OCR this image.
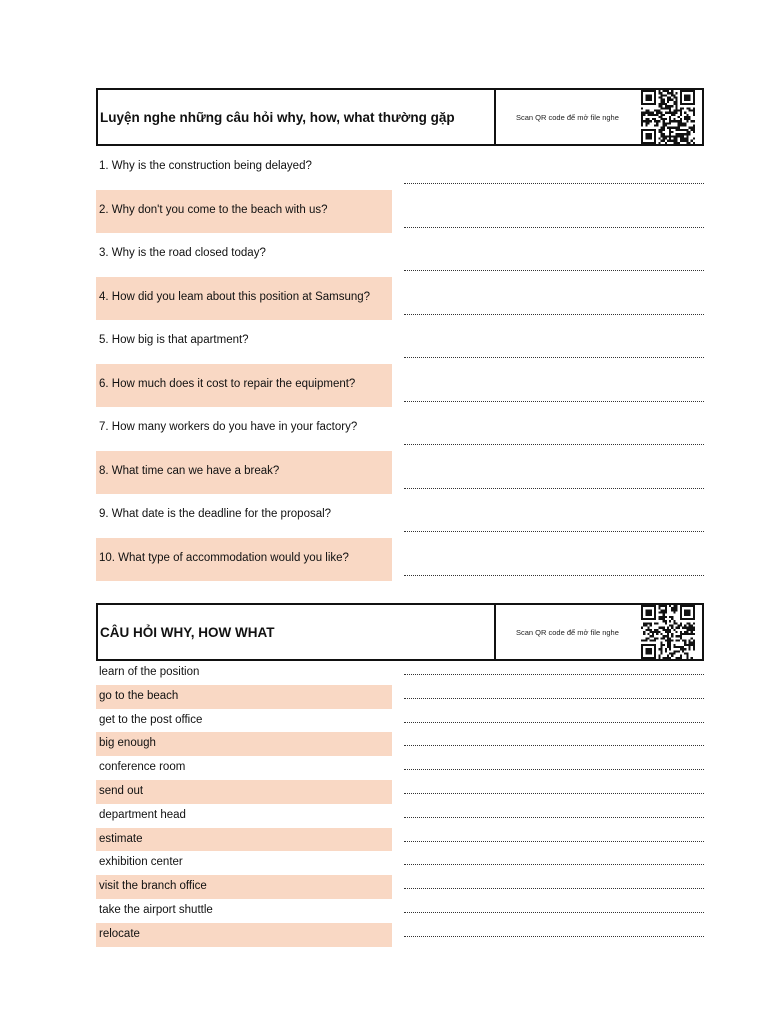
Luyện nghe những câu hỏi why, how, what thường gặp	Scan QR code để mở file nghe
1. Why is the construction being delayed?
2. Why don't you come to the beach with us?
3. Why is the road closed today?
4. How did you leam about this position at Samsung?
5. How big is that apartment?
6. How much does it cost to repair the equipment?
7. How many workers do you have in your factory?
8. What time can we have a break?
9. What date is the deadline for the proposal?
10. What type of accommodation would you like?
CÂU HỎI WHY, HOW WHAT	Scan QR code để mở file nghe
learn of the position
go to the beach
get to the post office
big enough
conference room
send out
department head
estimate
exhibition center
visit the branch office
take the airport shuttle
relocate
